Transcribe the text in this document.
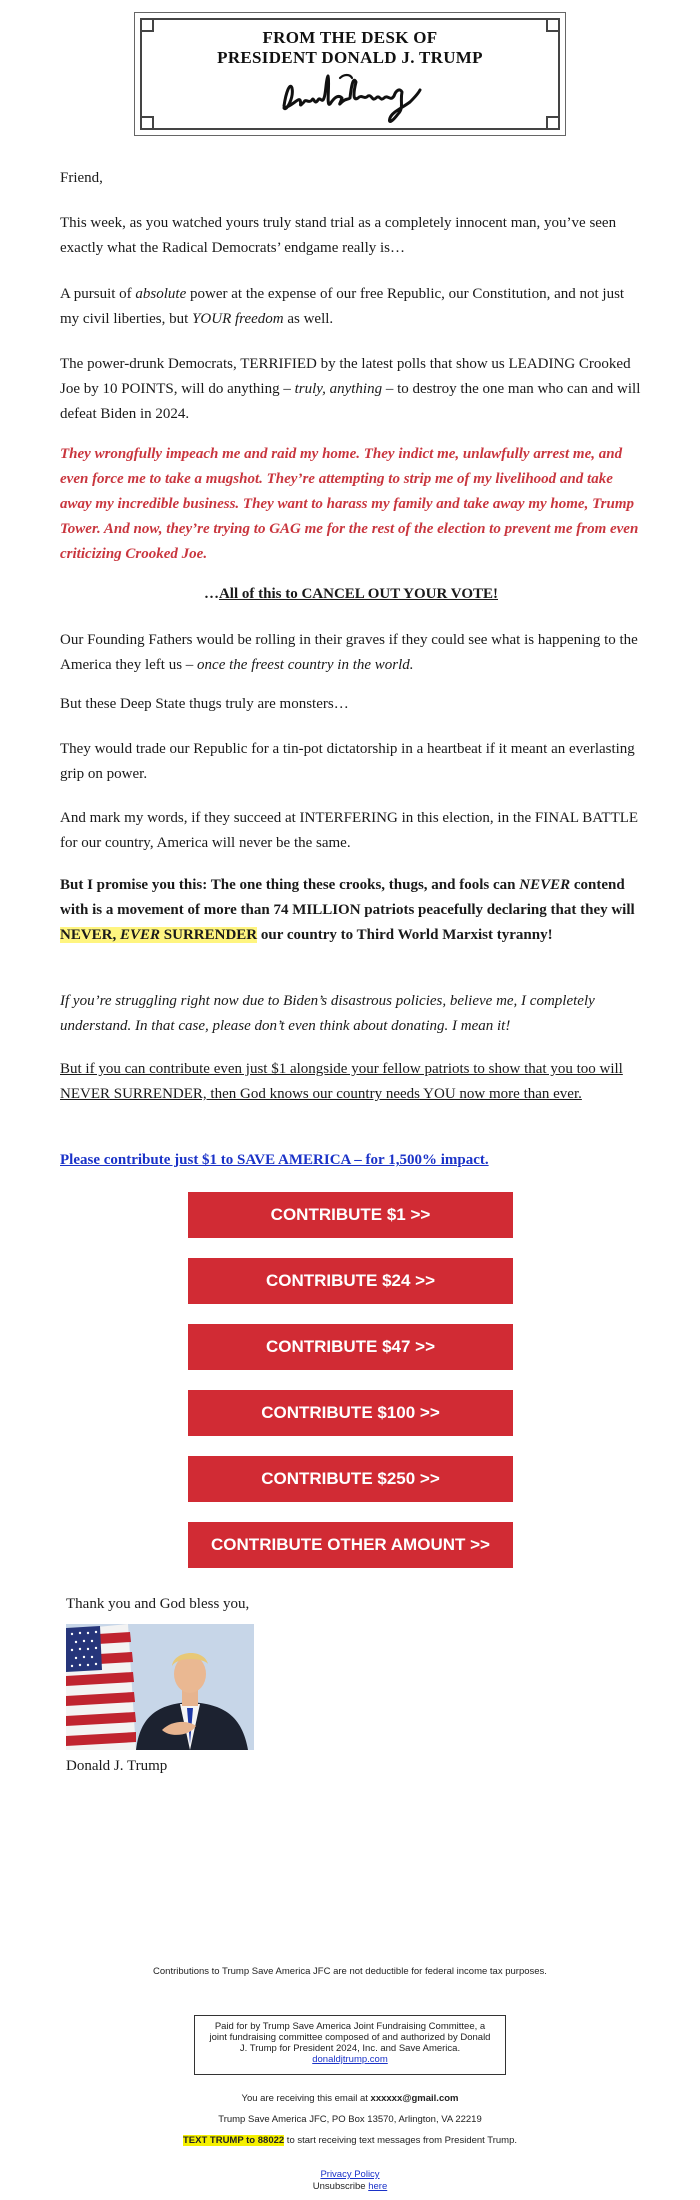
FROM THE DESK OF
PRESIDENT DONALD J. TRUMP

Friend,

This week, as you watched yours truly stand trial as a completely innocent man, you’ve seen exactly what the Radical Democrats’ endgame really is…

A pursuit of absolute power at the expense of our free Republic, our Constitution, and not just my civil liberties, but YOUR freedom as well.

The power-drunk Democrats, TERRIFIED by the latest polls that show us LEADING Crooked Joe by 10 POINTS, will do anything – truly, anything – to destroy the one man who can and will defeat Biden in 2024.

They wrongfully impeach me and raid my home. They indict me, unlawfully arrest me, and even force me to take a mugshot. They’re attempting to strip me of my livelihood and take away my incredible business. They want to harass my family and take away my home, Trump Tower. And now, they’re trying to GAG me for the rest of the election to prevent me from even criticizing Crooked Joe.

…All of this to CANCEL OUT YOUR VOTE!

Our Founding Fathers would be rolling in their graves if they could see what is happening to the America they left us – once the freest country in the world.

But these Deep State thugs truly are monsters…

They would trade our Republic for a tin-pot dictatorship in a heartbeat if it meant an everlasting grip on power.

And mark my words, if they succeed at INTERFERING in this election, in the FINAL BATTLE for our country, America will never be the same.

But I promise you this: The one thing these crooks, thugs, and fools can NEVER contend with is a movement of more than 74 MILLION patriots peacefully declaring that they will NEVER, EVER SURRENDER our country to Third World Marxist tyranny!

If you’re struggling right now due to Biden’s disastrous policies, believe me, I completely understand. In that case, please don’t even think about donating. I mean it!

But if you can contribute even just $1 alongside your fellow patriots to show that you too will NEVER SURRENDER, then God knows our country needs YOU now more than ever.

Please contribute just $1 to SAVE AMERICA – for 1,500% impact.
CONTRIBUTE $1 >>
CONTRIBUTE $24 >>
CONTRIBUTE $47 >>
CONTRIBUTE $100 >>
CONTRIBUTE $250 >>
CONTRIBUTE OTHER AMOUNT >>
Thank you and God bless you,
Donald J. Trump
Contributions to Trump Save America JFC are not deductible for federal income tax purposes.
Paid for by Trump Save America Joint Fundraising Committee, a joint fundraising committee composed of and authorized by Donald J. Trump for President 2024, Inc. and Save America.
donaldjtrump.com
You are receiving this email at xxxxxx@gmail.com
Trump Save America JFC, PO Box 13570, Arlington, VA 22219
TEXT TRUMP to 88022 to start receiving text messages from President Trump.
Privacy Policy
Unsubscribe here
